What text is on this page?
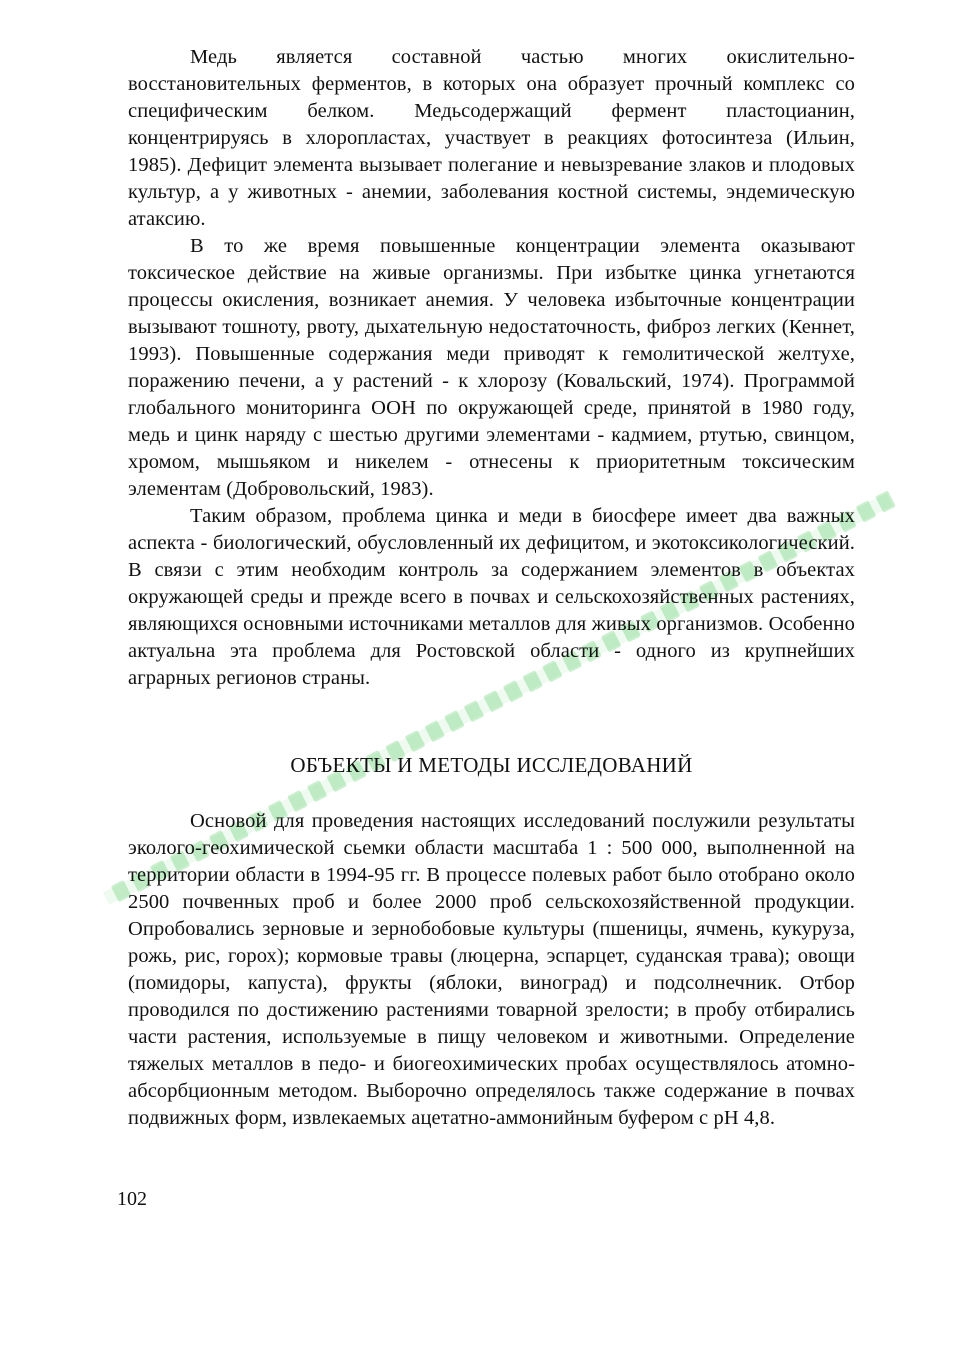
Медь является составной частью многих окислительно-восстановительных ферментов, в которых она образует прочный комплекс со специфическим белком. Медьсодержащий фермент пластоцианин, концентрируясь в хлоропластах, участвует в реакциях фотосинтеза (Ильин, 1985). Дефицит элемента вызывает полегание и невызревание злаков и плодовых культур, а у животных - анемии, заболевания костной системы, эндемическую атаксию.

В то же время повышенные концентрации элемента оказывают токсическое действие на живые организмы. При избытке цинка угнетаются процессы окисления, возникает анемия. У человека избыточные концентрации вызывают тошноту, рвоту, дыхательную недостаточность, фиброз легких (Кеннет, 1993). Повышенные содержания меди приводят к гемолитической желтухе, поражению печени, а у растений - к хлорозу (Ковальский, 1974). Программой глобального мониторинга ООН по окружающей среде, принятой в 1980 году, медь и цинк наряду с шестью другими элементами - кадмием, ртутью, свинцом, хромом, мышьяком и никелем - отнесены к приоритетным токсическим элементам (Добровольский, 1983).

Таким образом, проблема цинка и меди в биосфере имеет два важных аспекта - биологический, обусловленный их дефицитом, и экотоксикологический. В связи с этим необходим контроль за содержанием элементов в объектах окружающей среды и прежде всего в почвах и сельскохозяйственных растениях, являющихся основными источниками металлов для живых организмов. Особенно актуальна эта проблема для Ростовской области - одного из крупнейших аграрных регионов страны.

ОБЪЕКТЫ И МЕТОДЫ ИССЛЕДОВАНИЙ

Основой для проведения настоящих исследований послужили результаты эколого-геохимической сьемки области масштаба 1 : 500 000, выполненной на территории области в 1994-95 гг. В процессе полевых работ было отобрано около 2500 почвенных проб и более 2000 проб сельскохозяйственной продукции. Опробовались зерновые и зернобобовые культуры (пшеницы, ячмень, кукуруза, рожь, рис, горох); кормовые травы (люцерна, эспарцет, суданская трава); овощи (помидоры, капуста), фрукты (яблоки, виноград) и подсолнечник. Отбор проводился по достижению растениями товарной зрелости; в пробу отбирались части растения, используемые в пищу человеком и животными. Определение тяжелых металлов в педо- и биогеохимических пробах осуществлялось атомно-абсорбционным методом. Выборочно определялось также содержание в почвах подвижных форм, извлекаемых ацетатно-аммонийным буфером с рН 4,8.

102
